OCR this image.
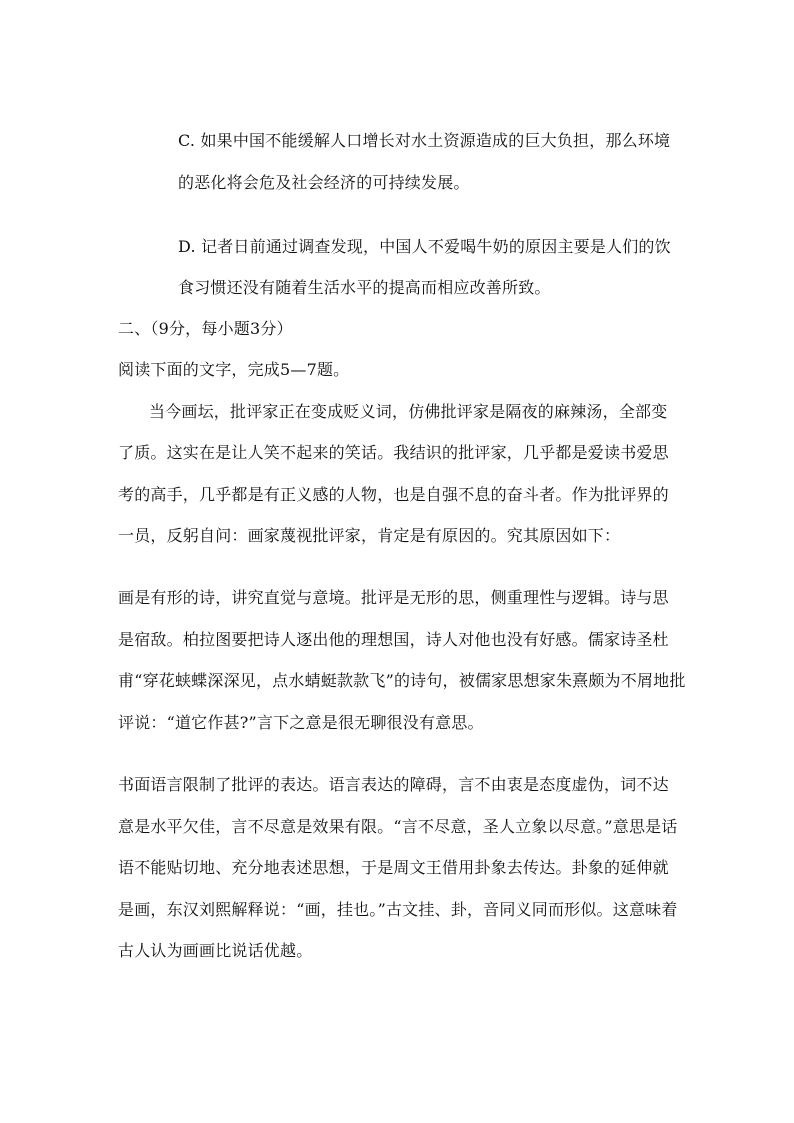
C. 如果中国不能缓解人口增长对水土资源造成的巨大负担，那么环境
的恶化将会危及社会经济的可持续发展。
D. 记者日前通过调查发现，中国人不爱喝牛奶的原因主要是人们的饮
食习惯还没有随着生活水平的提高而相应改善所致。
二、（9分，每小题3分）
阅读下面的文字，完成5—7题。
当今画坛，批评家正在变成贬义词，仿佛批评家是隔夜的麻辣汤，全部变
了质。这实在是让人笑不起来的笑话。我结识的批评家，几乎都是爱读书爱思
考的高手，几乎都是有正义感的人物，也是自强不息的奋斗者。作为批评界的
一员，反躬自问：画家蔑视批评家，肯定是有原因的。究其原因如下：
画是有形的诗，讲究直觉与意境。批评是无形的思，侧重理性与逻辑。诗与思
是宿敌。柏拉图要把诗人逐出他的理想国，诗人对他也没有好感。儒家诗圣杜
甫“穿花蛱蝶深深见，点水蜻蜓款款飞”的诗句，被儒家思想家朱熹颇为不屑地批
评说：“道它作甚?”言下之意是很无聊很没有意思。
书面语言限制了批评的表达。语言表达的障碍，言不由衷是态度虚伪，词不达
意是水平欠佳，言不尽意是效果有限。“言不尽意，圣人立象以尽意。”意思是话
语不能贴切地、充分地表述思想，于是周文王借用卦象去传达。卦象的延伸就
是画，东汉刘熙解释说：“画，挂也。”古文挂、卦，音同义同而形似。这意味着
古人认为画画比说话优越。
